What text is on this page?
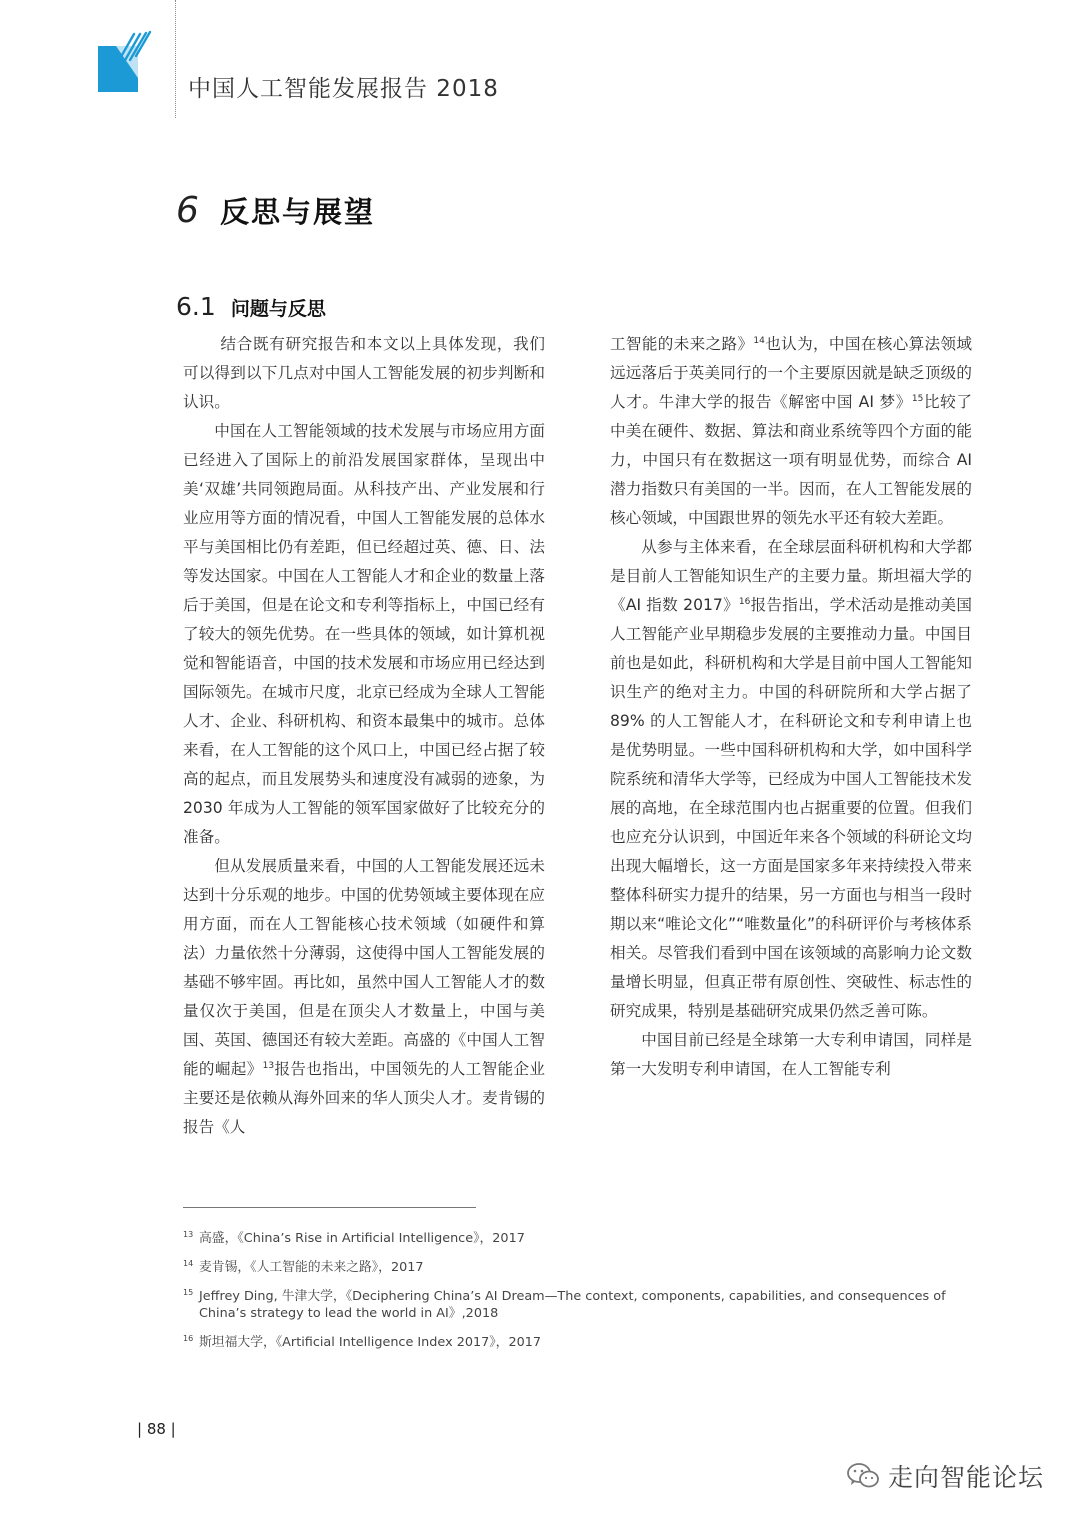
中国人工智能发展报告 2018
6 反思与展望
6.1 问题与反思

结合既有研究报告和本文以上具体发现，我们可以得到以下几点对中国人工智能发展的初步判断和认识。

中国在人工智能领域的技术发展与市场应用方面已经进入了国际上的前沿发展国家群体，呈现出中美‘双雄’共同领跑局面。从科技产出、产业发展和行业应用等方面的情况看，中国人工智能发展的总体水平与美国相比仍有差距，但已经超过英、德、日、法等发达国家。中国在人工智能人才和企业的数量上落后于美国，但是在论文和专利等指标上，中国已经有了较大的领先优势。在一些具体的领域，如计算机视觉和智能语音，中国的技术发展和市场应用已经达到国际领先。在城市尺度，北京已经成为全球人工智能人才、企业、科研机构、和资本最集中的城市。总体来看，在人工智能的这个风口上，中国已经占据了较高的起点，而且发展势头和速度没有减弱的迹象，为 2030 年成为人工智能的领军国家做好了比较充分的准备。

但从发展质量来看，中国的人工智能发展还远未达到十分乐观的地步。中国的优势领域主要体现在应用方面，而在人工智能核心技术领域（如硬件和算法）力量依然十分薄弱，这使得中国人工智能发展的基础不够牢固。再比如，虽然中国人工智能人才的数量仅次于美国，但是在顶尖人才数量上，中国与美国、英国、德国还有较大差距。高盛的《中国人工智能的崛起》$^{13}$报告也指出，中国领先的人工智能企业主要还是依赖从海外回来的华人顶尖人才。麦肯锡的报告《人

工智能的未来之路》$^{14}$也认为，中国在核心算法领域远远落后于英美同行的一个主要原因就是缺乏顶级的人才。牛津大学的报告《解密中国 AI 梦》$^{15}$比较了中美在硬件、数据、算法和商业系统等四个方面的能力，中国只有在数据这一项有明显优势，而综合 AI 潜力指数只有美国的一半。因而，在人工智能发展的核心领域，中国跟世界的领先水平还有较大差距。

从参与主体来看，在全球层面科研机构和大学都是目前人工智能知识生产的主要力量。斯坦福大学的《AI 指数 2017》$^{16}$报告指出，学术活动是推动美国人工智能产业早期稳步发展的主要推动力量。中国目前也是如此，科研机构和大学是目前中国人工智能知识生产的绝对主力。中国的科研院所和大学占据了 89% 的人工智能人才，在科研论文和专利申请上也是优势明显。一些中国科研机构和大学，如中国科学院系统和清华大学等，已经成为中国人工智能技术发展的高地，在全球范围内也占据重要的位置。但我们也应充分认识到，中国近年来各个领域的科研论文均出现大幅增长，这一方面是国家多年来持续投入带来整体科研实力提升的结果，另一方面也与相当一段时期以来“唯论文化”“唯数量化”的科研评价与考核体系相关。尽管我们看到中国在该领域的高影响力论文数量增长明显，但真正带有原创性、突破性、标志性的研究成果，特别是基础研究成果仍然乏善可陈。

中国目前已经是全球第一大专利申请国，同样是第一大发明专利申请国，在人工智能专利

13 高盛，《China’s Rise in Artificial Intelligence》，2017
14 麦肯锡，《人工智能的未来之路》，2017
15 Jeffrey Ding, 牛津大学，《Deciphering China’s AI Dream—The context, components, capabilities, and consequences of China’s strategy to lead the world in AI》,2018
16 斯坦福大学，《Artificial Intelligence Index 2017》，2017
| 88 |
走向智能论坛
